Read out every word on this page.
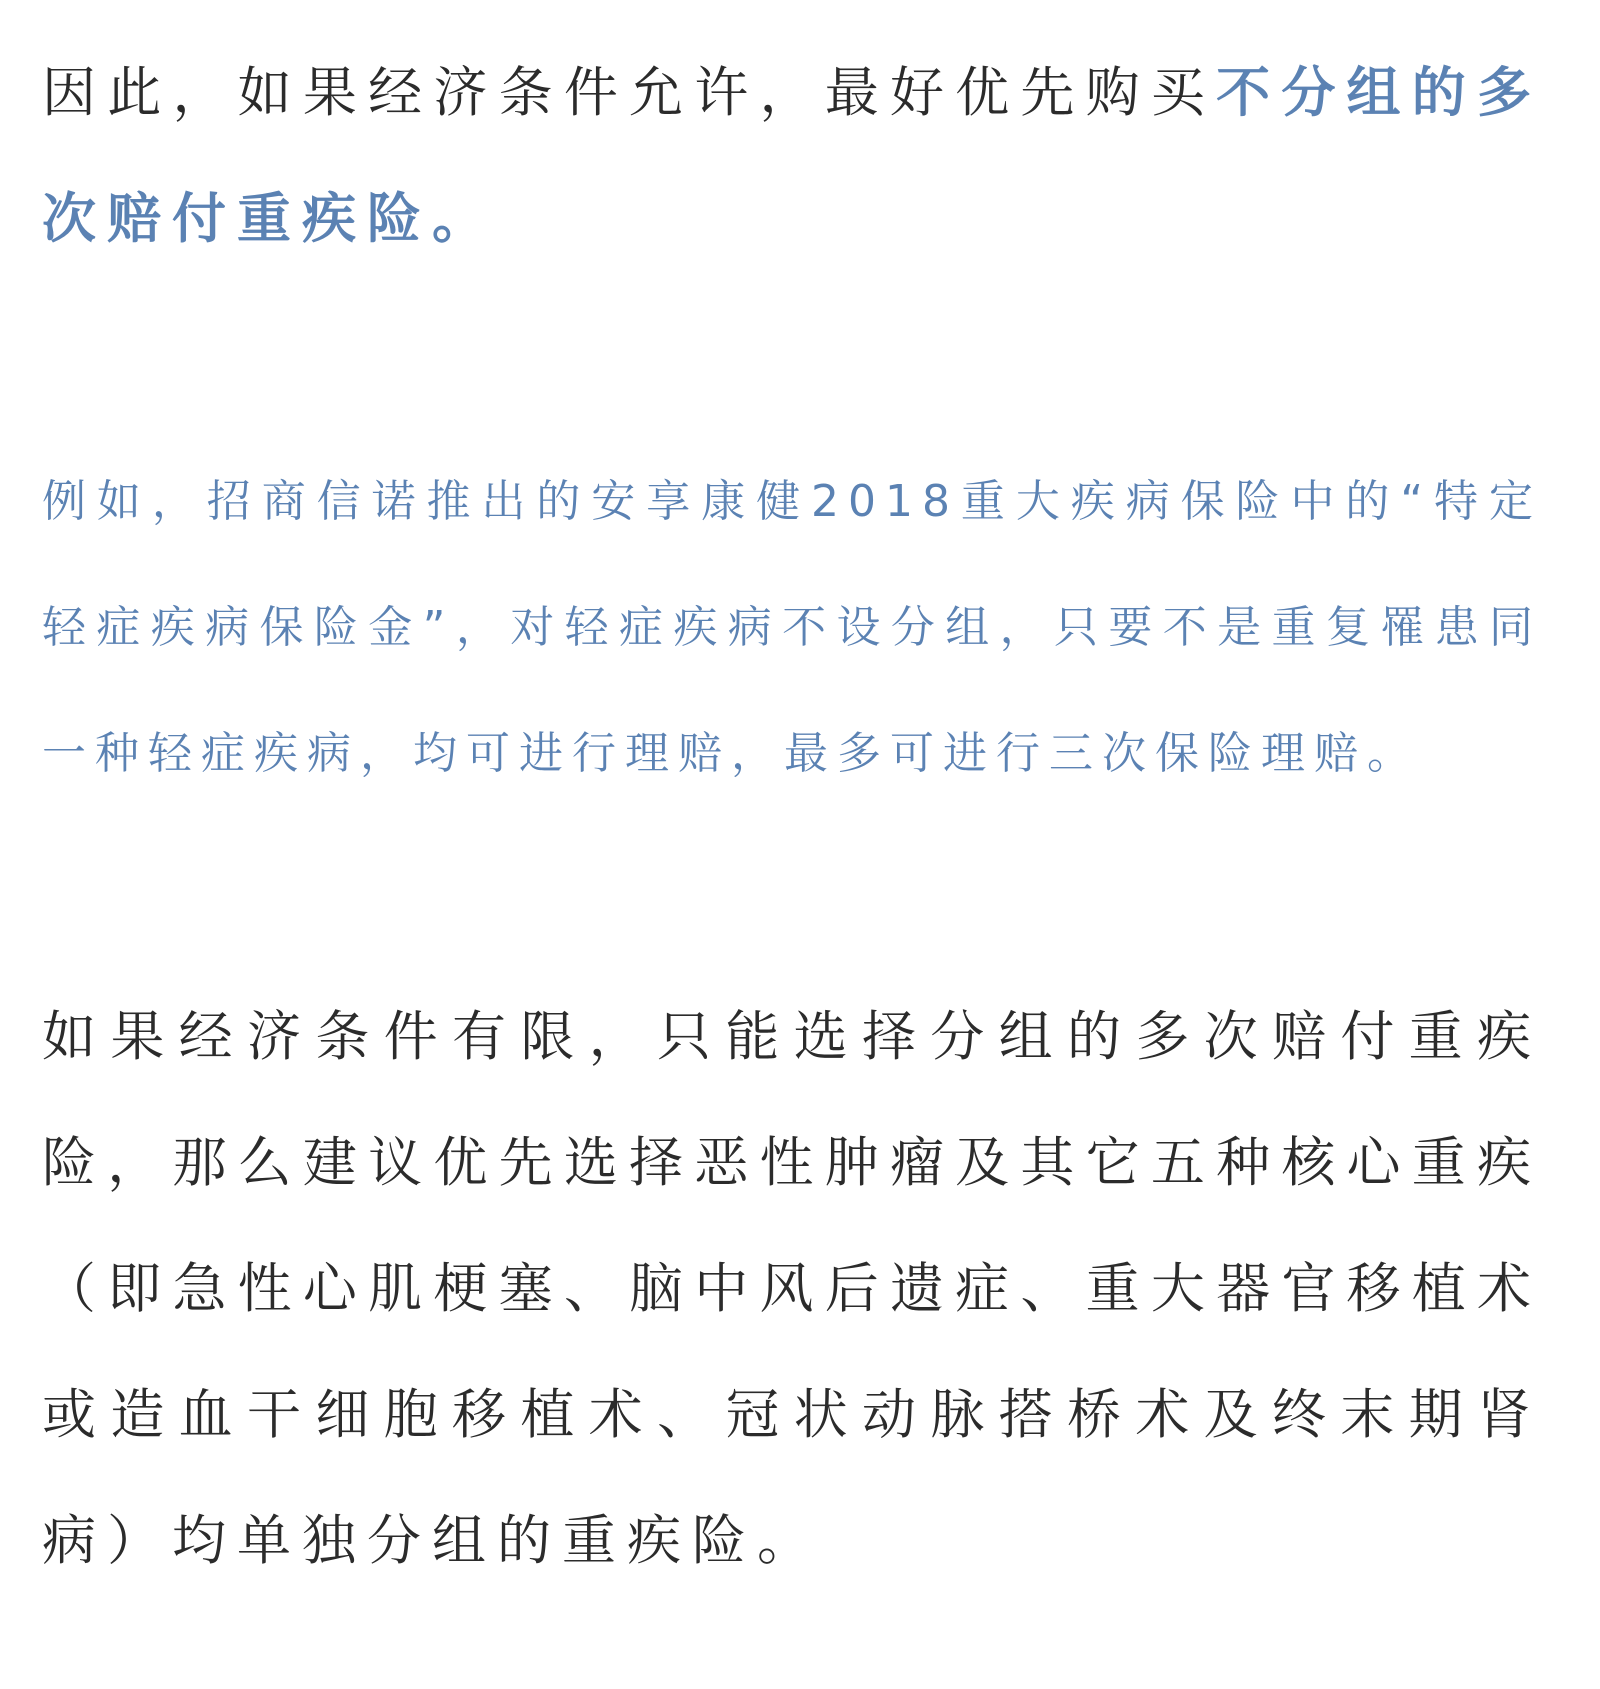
因此，如果经济条件允许，最好优先购买不分组的多次赔付重疾险。

例如，招商信诺推出的安享康健2018重大疾病保险中的“特定轻症疾病保险金”，对轻症疾病不设分组，只要不是重复罹患同一种轻症疾病，均可进行理赔，最多可进行三次保险理赔。

如果经济条件有限，只能选择分组的多次赔付重疾险，那么建议优先选择恶性肿瘤及其它五种核心重疾（即急性心肌梗塞、脑中风后遗症、重大器官移植术或造血干细胞移植术、冠状动脉搭桥术及终末期肾病）均单独分组的重疾险。
